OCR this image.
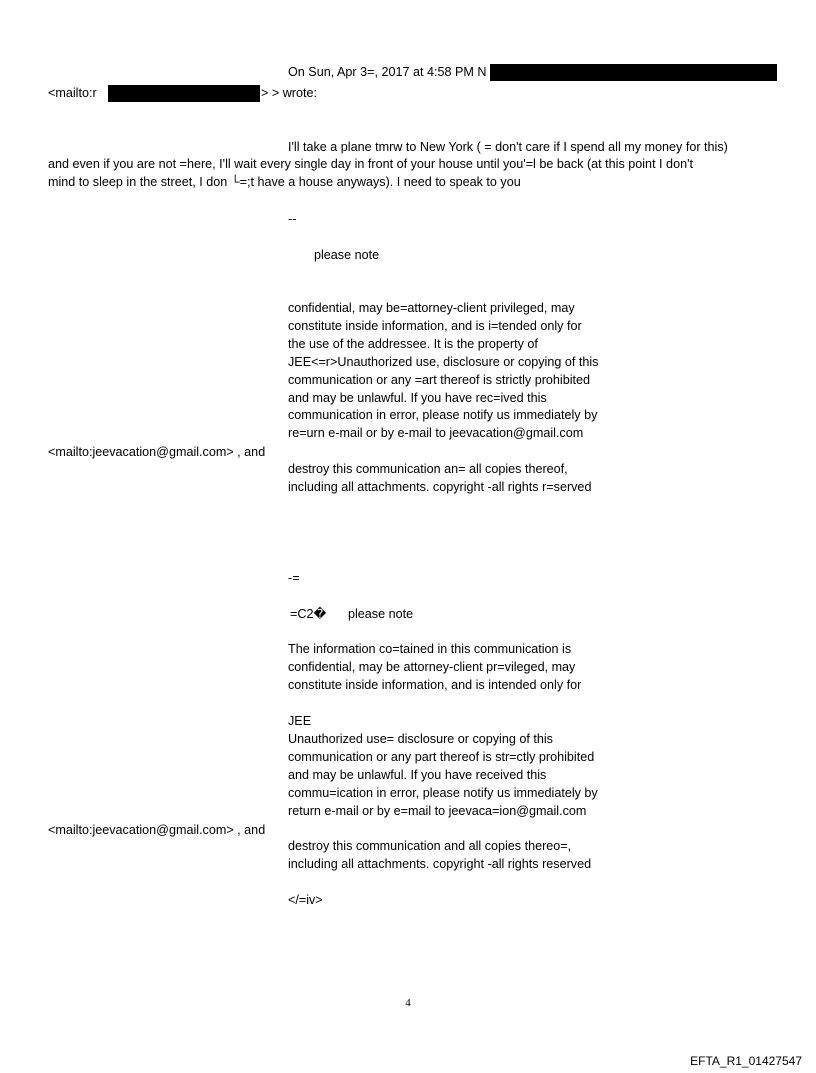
On Sun, Apr 3=, 2017 at 4:58 PM N
<mailto:r	> > wrote:
I'll take a plane tmrw to New York ( = don't care if I spend all my money for this)
and even if you are not =here, I'll wait every single day in front of your house until you'=l be back (at this point I don't
mind to sleep in the street, I don └=;t have a house anyways). I need to speak to you
--
please note
confidential, may be=attorney-client privileged, may
constitute inside information, and is i=tended only for
the use of the addressee. It is the property of
JEE<=r>Unauthorized use, disclosure or copying of this
communication or any =art thereof is strictly prohibited
and may be unlawful. If you have rec=ived this
communication in error, please notify us immediately by
re=urn e-mail or by e-mail to jeevacation@gmail.com
<mailto:jeevacation@gmail.com> , and
destroy this communication an= all copies thereof,
including all attachments. copyright -all rights r=served
-=
=C2� please note
The information co=tained in this communication is
confidential, may be attorney-client pr=vileged, may
constitute inside information, and is intended only for
JEE
Unauthorized use= disclosure or copying of this
communication or any part thereof is str=ctly prohibited
and may be unlawful. If you have received this
commu=ication in error, please notify us immediately by
return e-mail or by e=mail to jeevaca=ion@gmail.com
<mailto:jeevacation@gmail.com> , and
destroy this communication and all copies thereo=,
including all attachments. copyright -all rights reserved
</=iv>
4
EFTA_R1_01427547
